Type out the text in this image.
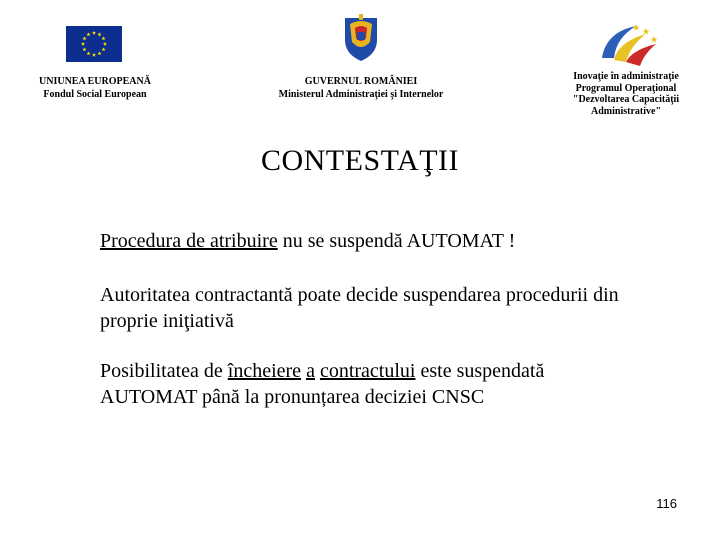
UNIUNEA EUROPEANĂ
Fondul Social European
GUVERNUL ROMÂNIEI
Ministerul Administraţiei şi Internelor
Inovaţie în administraţie
Programul Operaţional
"Dezvoltarea Capacităţii
Administrative"
CONTESTAŢII
Procedura de atribuire nu se suspendă AUTOMAT !
Autoritatea contractantă poate decide suspendarea procedurii din proprie iniţiativă
Posibilitatea de încheiere a contractului este suspendată
AUTOMAT până la pronunțarea deciziei CNSC
116
